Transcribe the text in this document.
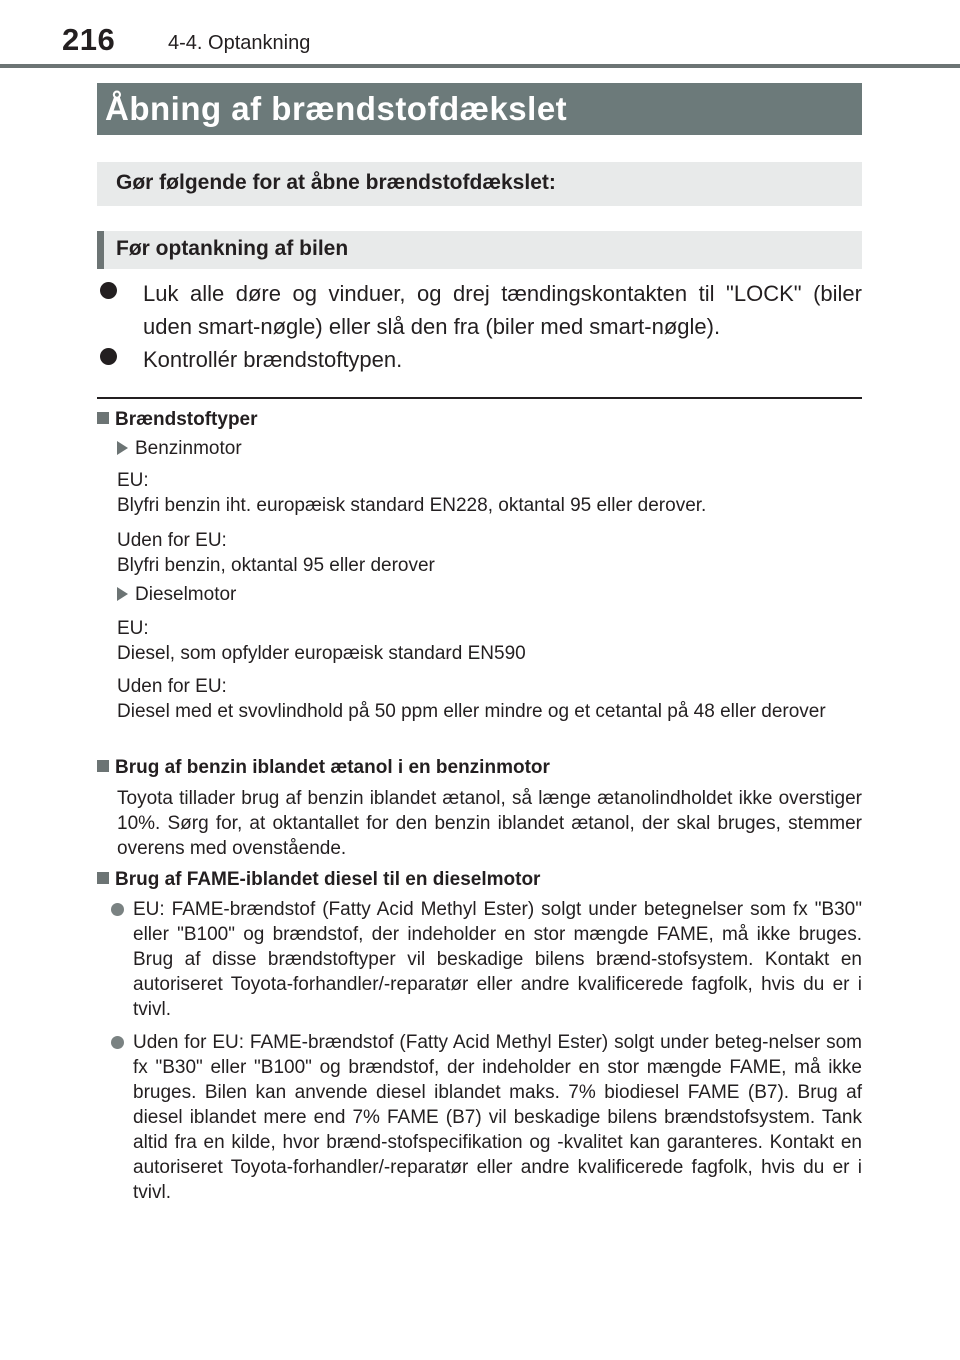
216	4-4. Optankning
Åbning af brændstofdækslet
Gør følgende for at åbne brændstofdækslet:
Før optankning af bilen
Luk alle døre og vinduer, og drej tændingskontakten til "LOCK" (biler uden smart-nøgle) eller slå den fra (biler med smart-nøgle).
Kontrollér brændstoftypen.
Brændstoftyper
Benzinmotor
EU:
Blyfri benzin iht. europæisk standard EN228, oktantal 95 eller derover.
Uden for EU:
Blyfri benzin, oktantal 95 eller derover
Dieselmotor
EU:
Diesel, som opfylder europæisk standard EN590
Uden for EU:
Diesel med et svovlindhold på 50 ppm eller mindre og et cetantal på 48 eller derover
Brug af benzin iblandet ætanol i en benzinmotor
Toyota tillader brug af benzin iblandet ætanol, så længe ætanolindholdet ikke overstiger 10%. Sørg for, at oktantallet for den benzin iblandet ætanol, der skal bruges, stemmer overens med ovenstående.
Brug af FAME-iblandet diesel til en dieselmotor
EU: FAME-brændstof (Fatty Acid Methyl Ester) solgt under betegnelser som fx "B30" eller "B100" og brændstof, der indeholder en stor mængde FAME, må ikke bruges. Brug af disse brændstoftyper vil beskadige bilens brænd-stofsystem. Kontakt en autoriseret Toyota-forhandler/-reparatør eller andre kvalificerede fagfolk, hvis du er i tvivl.
Uden for EU: FAME-brændstof (Fatty Acid Methyl Ester) solgt under beteg-nelser som fx "B30" eller "B100" og brændstof, der indeholder en stor mængde FAME, må ikke bruges. Bilen kan anvende diesel iblandet maks. 7% biodiesel FAME (B7). Brug af diesel iblandet mere end 7% FAME (B7) vil beskadige bilens brændstofsystem. Tank altid fra en kilde, hvor brænd-stofspecifikation og -kvalitet kan garanteres. Kontakt en autoriseret Toyota-forhandler/-reparatør eller andre kvalificerede fagfolk, hvis du er i tvivl.
